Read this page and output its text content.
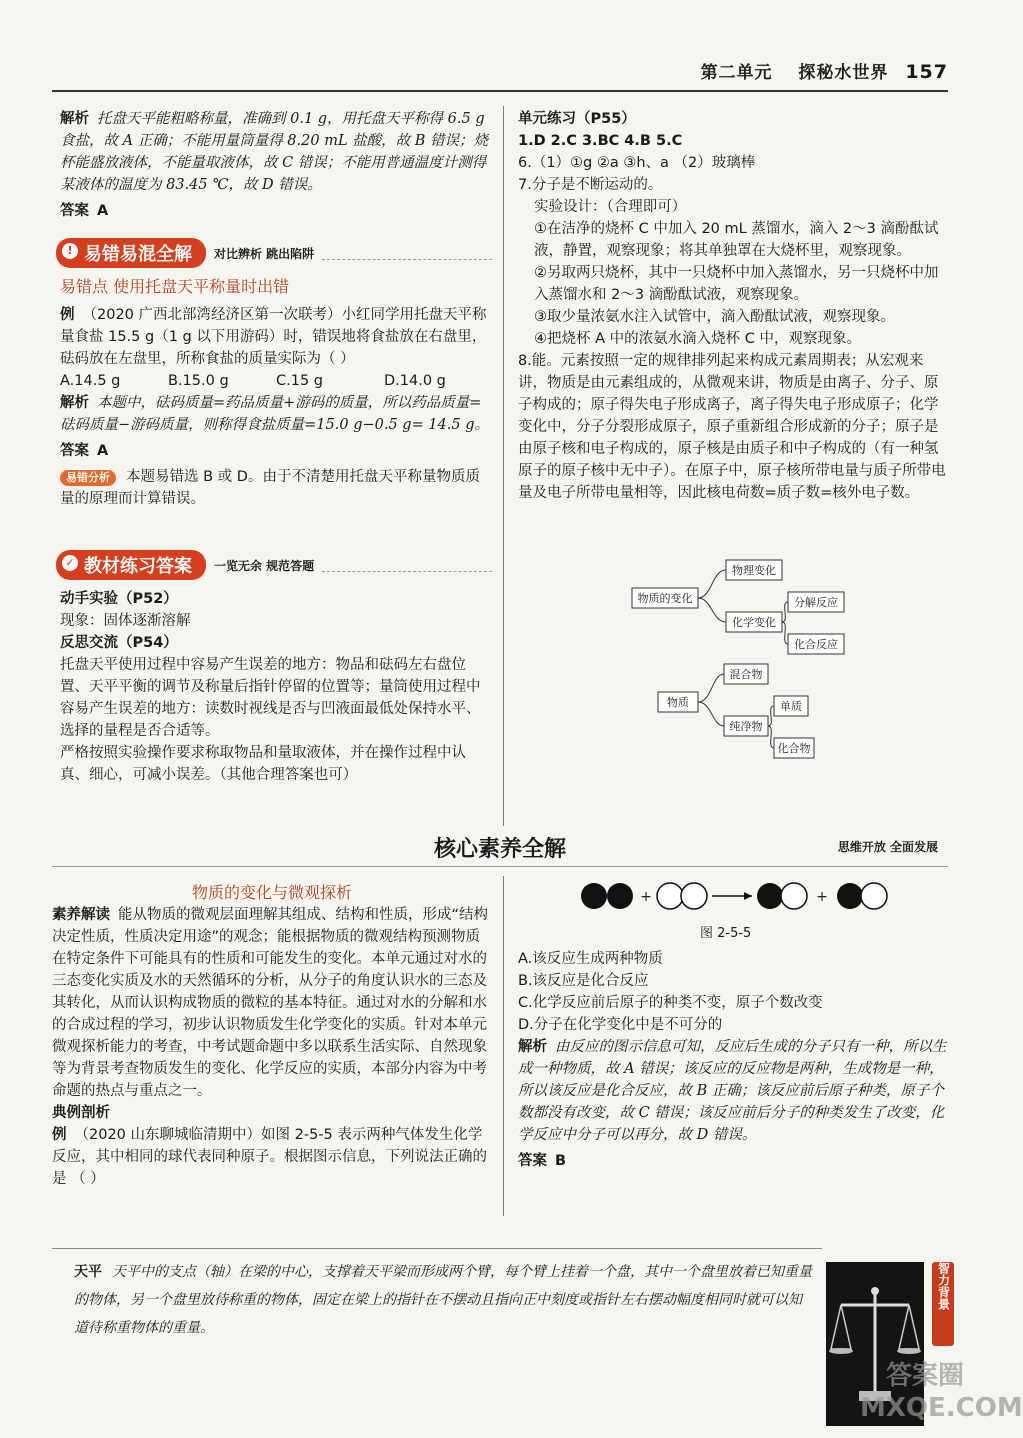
第二单元 探秘水世界 157

解析 托盘天平能粗略称量，准确到 0.1 g，用托盘天平称得 6.5 g 食盐，故 A 正确；不能用量筒量得 8.20 mL 盐酸，故 B 错误；烧杯能盛放液体，不能量取液体，故 C 错误；不能用普通温度计测得某液体的温度为 83.45 ℃，故 D 错误。

答案 A

! 易错易混全解	对比辨析 跳出陷阱

易错点 使用托盘天平称量时出错

例 （2020 广西北部湾经济区第一次联考）小红同学用托盘天平称量食盐 15.5 g（1 g 以下用游码）时，错误地将食盐放在右盘里，砝码放在左盘里，所称食盐的质量实际为（ ）

A.14.5 g	B.15.0 g	C.15 g	D.14.0 g

解析 本题中，砝码质量=药品质量+游码的质量，所以药品质量=砝码质量−游码质量，则称得食盐质量=15.0 g−0.5 g= 14.5 g。

答案 A

易错分析 本题易错选 B 或 D。由于不清楚用托盘天平称量物质质量的原理而计算错误。

✓ 教材练习答案	一览无余 规范答题

动手实验（P52）

现象：固体逐渐溶解

反思交流（P54）

托盘天平使用过程中容易产生误差的地方：物品和砝码左右盘位置、天平平衡的调节及称量后指针停留的位置等；量筒使用过程中容易产生误差的地方：读数时视线是否与凹液面最低处保持水平、选择的量程是否合适等。

严格按照实验操作要求称取物品和量取液体，并在操作过程中认真、细心，可减小误差。（其他合理答案也可）

单元练习（P55）

1.D 2.C 3.BC 4.B 5.C

6.（1）①g ②a ③h、a （2）玻璃棒

7.分子是不断运动的。

实验设计：（合理即可）

①在洁净的烧杯 C 中加入 20 mL 蒸馏水，滴入 2～3 滴酚酞试液，静置，观察现象；将其单独罩在大烧杯里，观察现象。

②另取两只烧杯，其中一只烧杯中加入蒸馏水，另一只烧杯中加入蒸馏水和 2～3 滴酚酞试液，观察现象。

③取少量浓氨水注入试管中，滴入酚酞试液，观察现象。

④把烧杯 A 中的浓氨水滴入烧杯 C 中，观察现象。

8.能。元素按照一定的规律排列起来构成元素周期表；从宏观来讲，物质是由元素组成的，从微观来讲，物质是由离子、分子、原子构成的；原子得失电子形成离子，离子得失电子形成原子；化学变化中，分子分裂形成原子，原子重新组合形成新的分子；原子是由原子核和电子构成的，原子核是由质子和中子构成的（有一种氢原子的原子核中无中子）。在原子中，原子核所带电量与质子所带电量及电子所带电量相等，因此核电荷数=质子数=核外电子数。

物质的变化
物理变化
化学变化
分解反应
化合反应
物质
混合物
纯净物
单质
化合物
核心素养全解	思维开放 全面发展
物质的变化与微观探析

素养解读 能从物质的微观层面理解其组成、结构和性质，形成“结构决定性质，性质决定用途”的观念；能根据物质的微观结构预测物质在特定条件下可能具有的性质和可能发生的变化。本单元通过对水的三态变化实质及水的天然循环的分析，从分子的角度认识水的三态及其转化，从而认识构成物质的微粒的基本特征。通过对水的分解和水的合成过程的学习，初步认识物质发生化学变化的实质。针对本单元微观探析能力的考查，中考试题命题中多以联系生活实际、自然现象等为背景考查物质发生的变化、化学反应的实质，本部分内容为中考命题的热点与重点之一。

典例剖析

例 （2020 山东聊城临清期中）如图 2-5-5 表示两种气体发生化学反应，其中相同的球代表同种原子。根据图示信息，下列说法正确的是 （ ）

+	+
图 2-5-5

A.该反应生成两种物质

B.该反应是化合反应

C.化学反应前后原子的种类不变，原子个数改变

D.分子在化学变化中是不可分的

解析 由反应的图示信息可知，反应后生成的分子只有一种，所以生成一种物质，故 A 错误；该反应的反应物是两种，生成物是一种，所以该反应是化合反应，故 B 正确；该反应前后原子种类，原子个数都没有改变，故 C 错误；该反应前后分子的种类发生了改变，化学反应中分子可以再分，故 D 错误。

答案 B

天平 天平中的支点（轴）在梁的中心，支撑着天平梁而形成两个臂，每个臂上挂着一个盘，其中一个盘里放着已知重量的物体，另一个盘里放待称重的物体，固定在梁上的指针在不摆动且指向正中刻度或指针左右摆动幅度相同时就可以知道待称重物体的重量。
智力背景
答案圈 MXQE.COM
